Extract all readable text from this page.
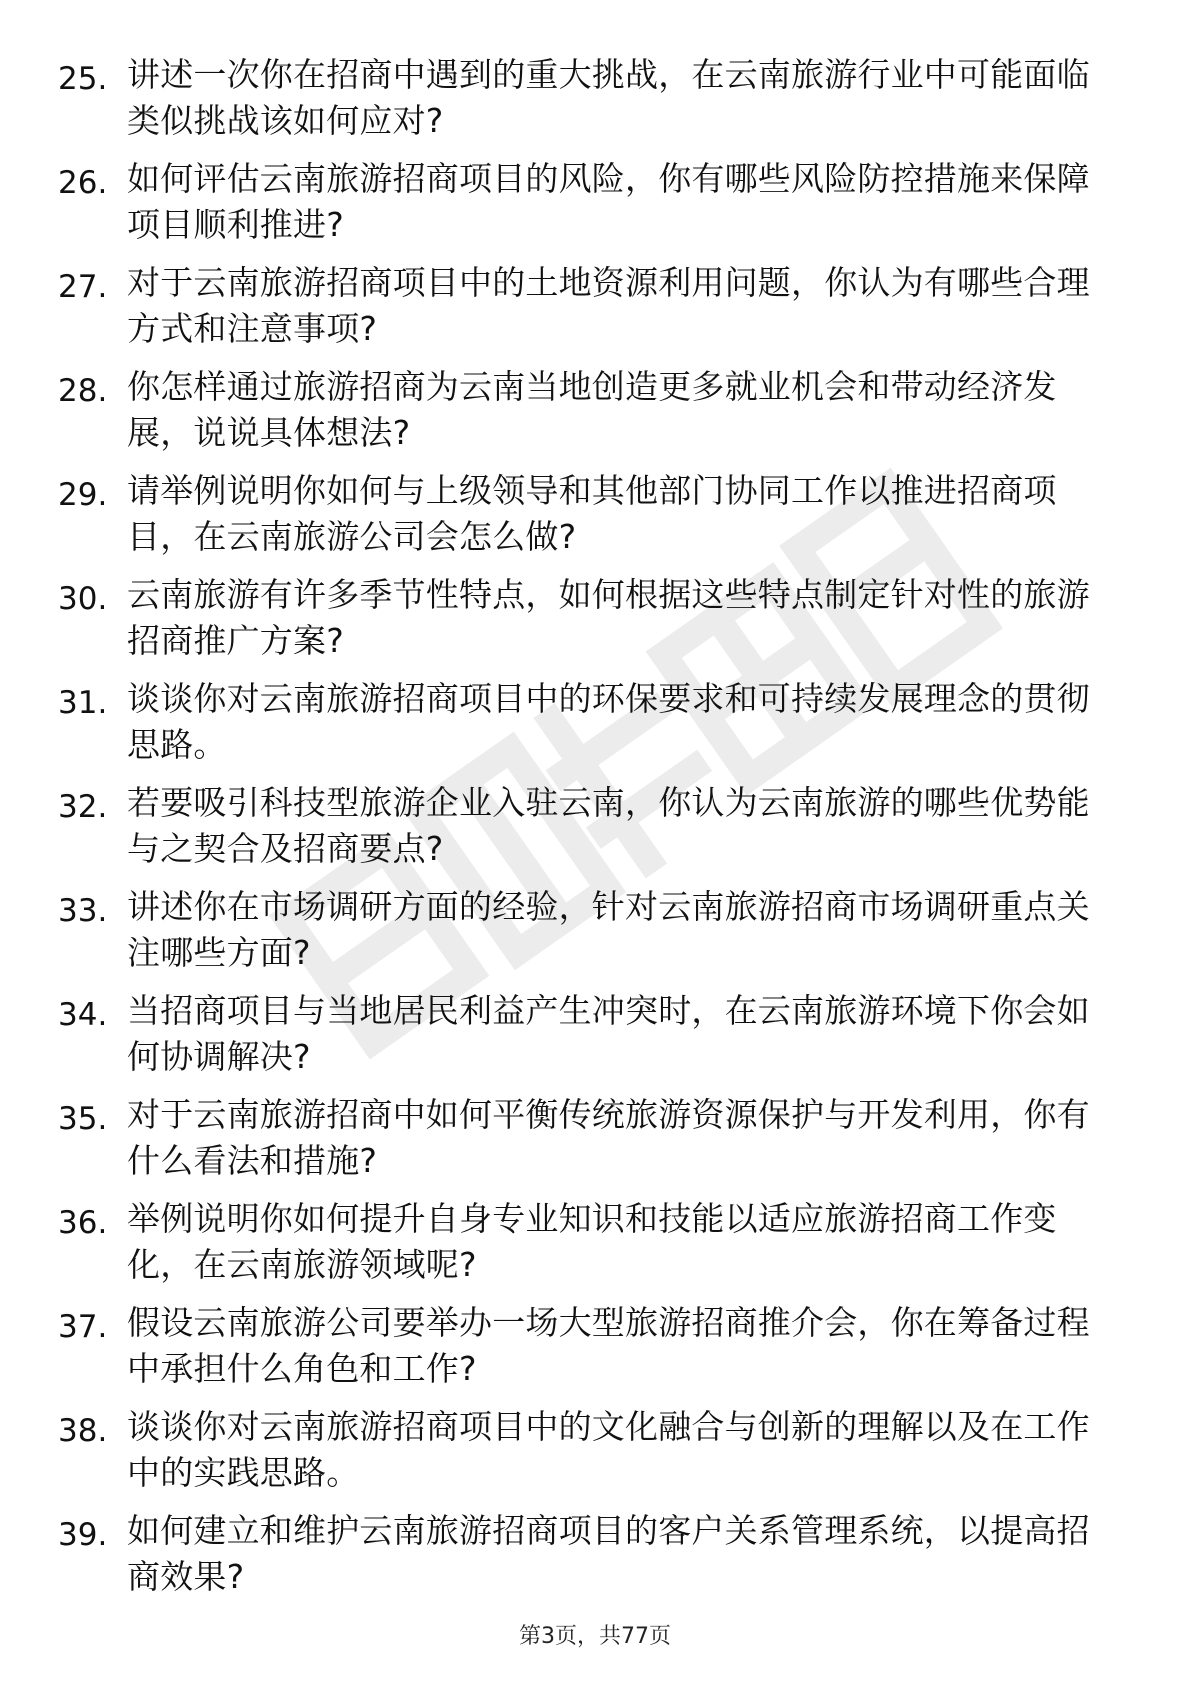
25. 讲述一次你在招商中遇到的重大挑战，在云南旅游行业中可能面临类似挑战该如何应对?
26. 如何评估云南旅游招商项目的风险，你有哪些风险防控措施来保障项目顺利推进?
27. 对于云南旅游招商项目中的土地资源利用问题，你认为有哪些合理方式和注意事项?
28. 你怎样通过旅游招商为云南当地创造更多就业机会和带动经济发展，说说具体想法?
29. 请举例说明你如何与上级领导和其他部门协同工作以推进招商项目，在云南旅游公司会怎么做?
30. 云南旅游有许多季节性特点，如何根据这些特点制定针对性的旅游招商推广方案?
31. 谈谈你对云南旅游招商项目中的环保要求和可持续发展理念的贯彻思路。
32. 若要吸引科技型旅游企业入驻云南，你认为云南旅游的哪些优势能与之契合及招商要点?
33. 讲述你在市场调研方面的经验，针对云南旅游招商市场调研重点关注哪些方面?
34. 当招商项目与当地居民利益产生冲突时，在云南旅游环境下你会如何协调解决?
35. 对于云南旅游招商中如何平衡传统旅游资源保护与开发利用，你有什么看法和措施?
36. 举例说明你如何提升自身专业知识和技能以适应旅游招商工作变化，在云南旅游领域呢?
37. 假设云南旅游公司要举办一场大型旅游招商推介会，你在筹备过程中承担什么角色和工作?
38. 谈谈你对云南旅游招商项目中的文化融合与创新的理解以及在工作中的实践思路。
39. 如何建立和维护云南旅游招商项目的客户关系管理系统，以提高招商效果?
第3页，共77页
